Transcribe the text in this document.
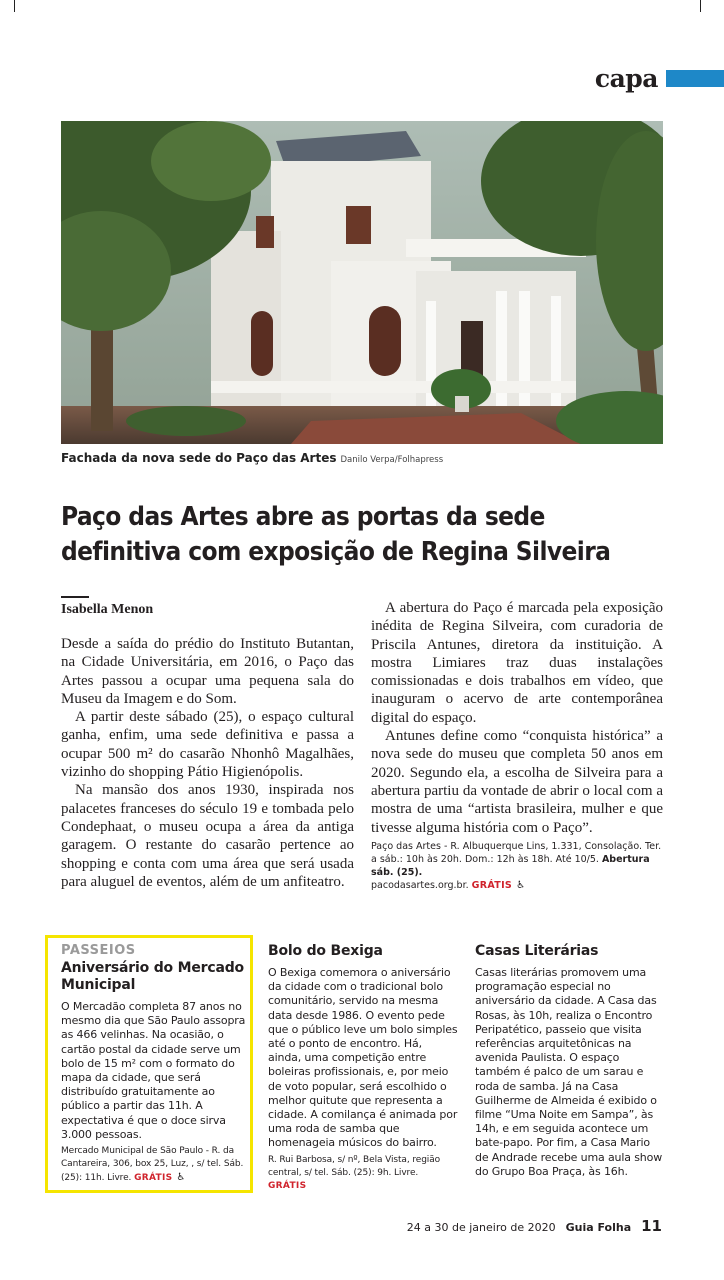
capa
Fachada da nova sede do Paço das Artes Danilo Verpa/Folhapress
Paço das Artes abre as portas da sede definitiva com exposição de Regina Silveira
Isabella Menon

Desde a saída do prédio do Instituto Butantan, na Cidade Universitária, em 2016, o Paço das Artes passou a ocupar uma pequena sala do Museu da Imagem e do Som.

A partir deste sábado (25), o espaço cultural ganha, enfim, uma sede definitiva e passa a ocupar 500 m² do casarão Nhonhô Magalhães, vizinho do shopping Pátio Higienópolis.

Na mansão dos anos 1930, inspirada nos palacetes franceses do século 19 e tombada pelo Condephaat, o museu ocupa a área da antiga garagem. O restante do casarão pertence ao shopping e conta com uma área que será usada para aluguel de eventos, além de um anfiteatro.

A abertura do Paço é marcada pela exposição inédita de Regina Silveira, com curadoria de Priscila Antunes, diretora da instituição. A mostra Limiares traz duas instalações comissionadas e dois trabalhos em vídeo, que inauguram o acervo de arte contemporânea digital do espaço.

Antunes define como “conquista histórica” a nova sede do museu que completa 50 anos em 2020. Segundo ela, a escolha de Silveira para a abertura partiu da vontade de abrir o local com a mostra de uma “artista brasileira, mulher e que tivesse alguma história com o Paço”.

Paço das Artes - R. Albuquerque Lins, 1.331, Consolação. Ter. a sáb.: 10h às 20h. Dom.: 12h às 18h. Até 10/5. Abertura sáb. (25).
pacodasartes.org.br. GRÁTIS ♿

PASSEIOS
Aniversário do Mercado Municipal

O Mercadão completa 87 anos no mesmo dia que São Paulo assopra as 466 velinhas. Na ocasião, o cartão postal da cidade serve um bolo de 15 m² com o formato do mapa da cidade, que será distribuído gratuitamente ao público a partir das 11h. A expectativa é que o doce sirva 3.000 pessoas.

Mercado Municipal de São Paulo - R. da Cantareira, 306, box 25, Luz, , s/ tel. Sáb. (25): 11h. Livre. GRÁTIS ♿
Bolo do Bexiga

O Bexiga comemora o aniversário da cidade com o tradicional bolo comunitário, servido na mesma data desde 1986. O evento pede que o público leve um bolo simples até o ponto de encontro. Há, ainda, uma competição entre boleiras profissionais, e, por meio de voto popular, será escolhido o melhor quitute que representa a cidade. A comilança é animada por uma roda de samba que homenageia músicos do bairro.

R. Rui Barbosa, s/ nº, Bela Vista, região central, s/ tel. Sáb. (25): 9h. Livre. GRÁTIS
Casas Literárias

Casas literárias promovem uma programação especial no aniversário da cidade. A Casa das Rosas, às 10h, realiza o Encontro Peripatético, passeio que visita referências arquitetônicas na avenida Paulista. O espaço também é palco de um sarau e roda de samba. Já na Casa Guilherme de Almeida é exibido o filme “Uma Noite em Sampa”, às 14h, e em seguida acontece um bate-papo. Por fim, a Casa Mario de Andrade recebe uma aula show do Grupo Boa Praça, às 16h.

24 a 30 de janeiro de 2020 Guia Folha 11
